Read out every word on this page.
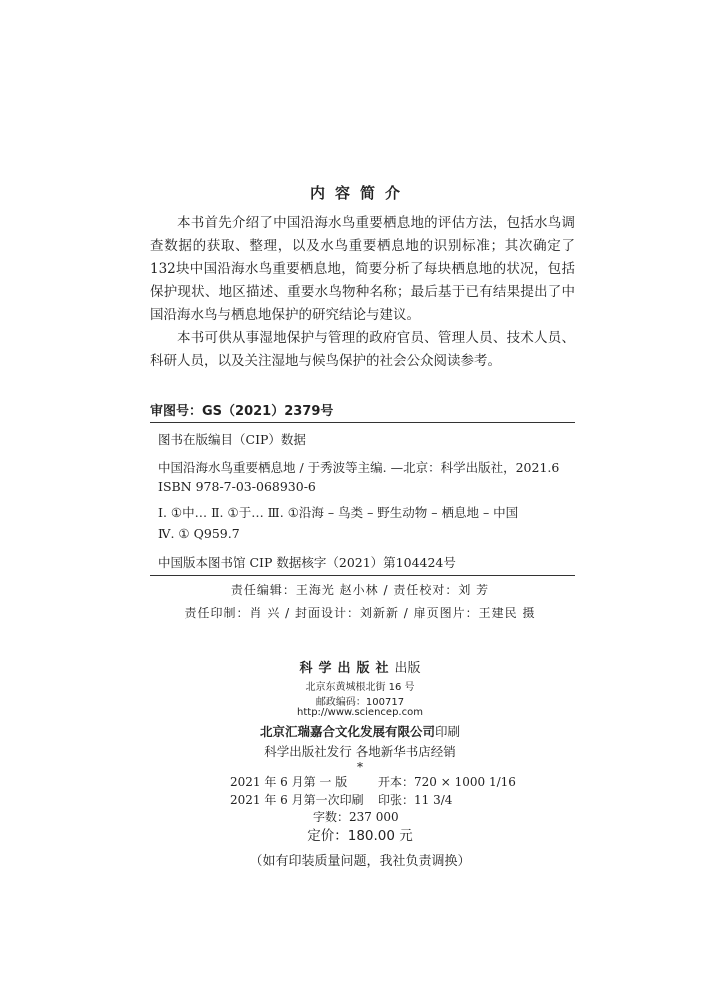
内容简介

本书首先介绍了中国沿海水鸟重要栖息地的评估方法，包括水鸟调查数据的获取、整理，以及水鸟重要栖息地的识别标准；其次确定了132块中国沿海水鸟重要栖息地，简要分析了每块栖息地的状况，包括保护现状、地区描述、重要水鸟物种名称；最后基于已有结果提出了中国沿海水鸟与栖息地保护的研究结论与建议。

本书可供从事湿地保护与管理的政府官员、管理人员、技术人员、科研人员，以及关注湿地与候鸟保护的社会公众阅读参考。

审图号：GS（2021）2379号
图书在版编目（CIP）数据
中国沿海水鸟重要栖息地 / 于秀波等主编. —北京：科学出版社，2021.6
ISBN 978-7-03-068930-6
Ⅰ. ①中… Ⅱ. ①于… Ⅲ. ①沿海 – 鸟类 – 野生动物 – 栖息地 – 中国
Ⅳ. ① Q959.7
中国版本图书馆 CIP 数据核字（2021）第104424号
责任编辑：王海光 赵小林 / 责任校对：刘 芳
责任印制：肖 兴 / 封面设计：刘新新 / 扉页图片：王建民 摄
科学出版社出版
北京东黄城根北街 16 号
邮政编码：100717
http://www.sciencep.com
北京汇瑞嘉合文化发展有限公司印刷
科学出版社发行 各地新华书店经销
*
2021 年 6 月第 一 版	开本：720 × 1000 1/16
2021 年 6 月第一次印刷 印张：11 3/4
字数：237 000
定价：180.00 元
（如有印装质量问题，我社负责调换）
